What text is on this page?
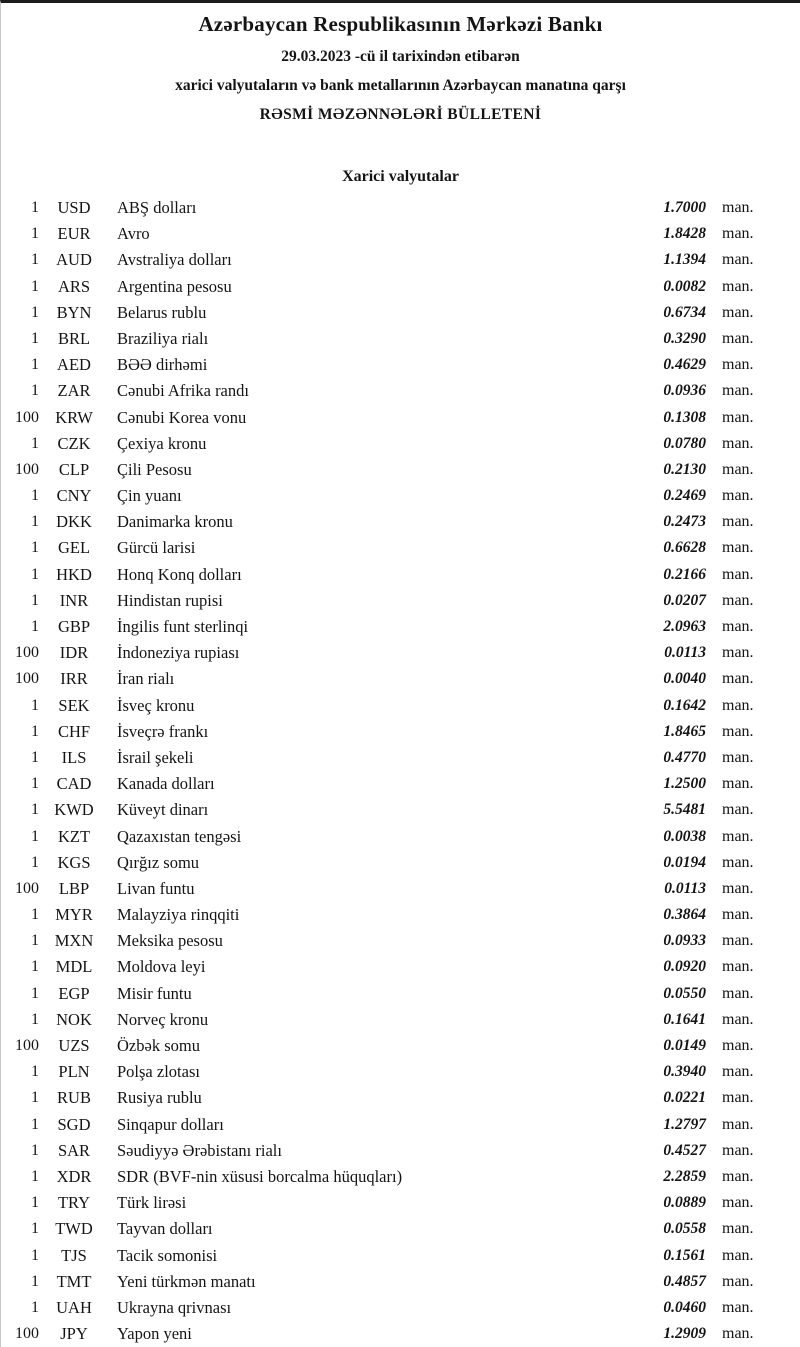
Azərbaycan Respublikasının Mərkəzi Bankı
29.03.2023 -cü il tarixindən etibarən
xarici valyutaların və bank metallarının Azərbaycan manatına qarşı
RƏSMİ MƏZƏNNƏLƏRİ BÜLLETENİ
Xarici valyutalar
1	USD	ABŞ dolları	1.7000	man.
1	EUR	Avro	1.8428	man.
1	AUD	Avstraliya dolları	1.1394	man.
1	ARS	Argentina pesosu	0.0082	man.
1	BYN	Belarus rublu	0.6734	man.
1	BRL	Braziliya rialı	0.3290	man.
1	AED	BƏƏ dirhəmi	0.4629	man.
1	ZAR	Cənubi Afrika randı	0.0936	man.
100 KRW	Cənubi Korea vonu	0.1308	man.
1	CZK	Çexiya kronu	0.0780	man.
100	CLP	Çili Pesosu	0.2130	man.
1	CNY	Çin yuanı	0.2469	man.
1	DKK	Danimarka kronu	0.2473	man.
1	GEL	Gürcü larisi	0.6628	man.
1	HKD	Honq Konq dolları	0.2166	man.
1	INR	Hindistan rupisi	0.0207	man.
1	GBP	İngilis funt sterlinqi	2.0963	man.
100	IDR	İndoneziya rupiası	0.0113	man.
100	IRR	İran rialı	0.0040	man.
1	SEK	İsveç kronu	0.1642	man.
1	CHF	İsveçrə frankı	1.8465	man.
1	ILS	İsrail şekeli	0.4770	man.
1	CAD	Kanada dolları	1.2500	man.
1 KWD	Küveyt dinarı	5.5481	man.
1	KZT	Qazaxıstan tengəsi	0.0038	man.
1	KGS	Qırğız somu	0.0194	man.
100	LBP	Livan funtu	0.0113	man.
1 MYR	Malayziya rinqqiti	0.3864	man.
1 MXN	Meksika pesosu	0.0933	man.
1	MDL	Moldova leyi	0.0920	man.
1	EGP	Misir funtu	0.0550	man.
1	NOK	Norveç kronu	0.1641	man.
100	UZS	Özbək somu	0.0149	man.
1	PLN	Polşa zlotası	0.3940	man.
1	RUB	Rusiya rublu	0.0221	man.
1	SGD	Sinqapur dolları	1.2797	man.
1	SAR	Səudiyyə Ərəbistanı rialı	0.4527	man.
1	XDR	SDR (BVF-nin xüsusi borcalma hüquqları)	2.2859	man.
1	TRY	Türk lirəsi	0.0889	man.
1 TWD	Tayvan dolları	0.0558	man.
1	TJS	Tacik somonisi	0.1561	man.
1	TMT	Yeni türkmən manatı	0.4857	man.
1	UAH	Ukrayna qrivnası	0.0460	man.
100	JPY	Yapon yeni	1.2909	man.
